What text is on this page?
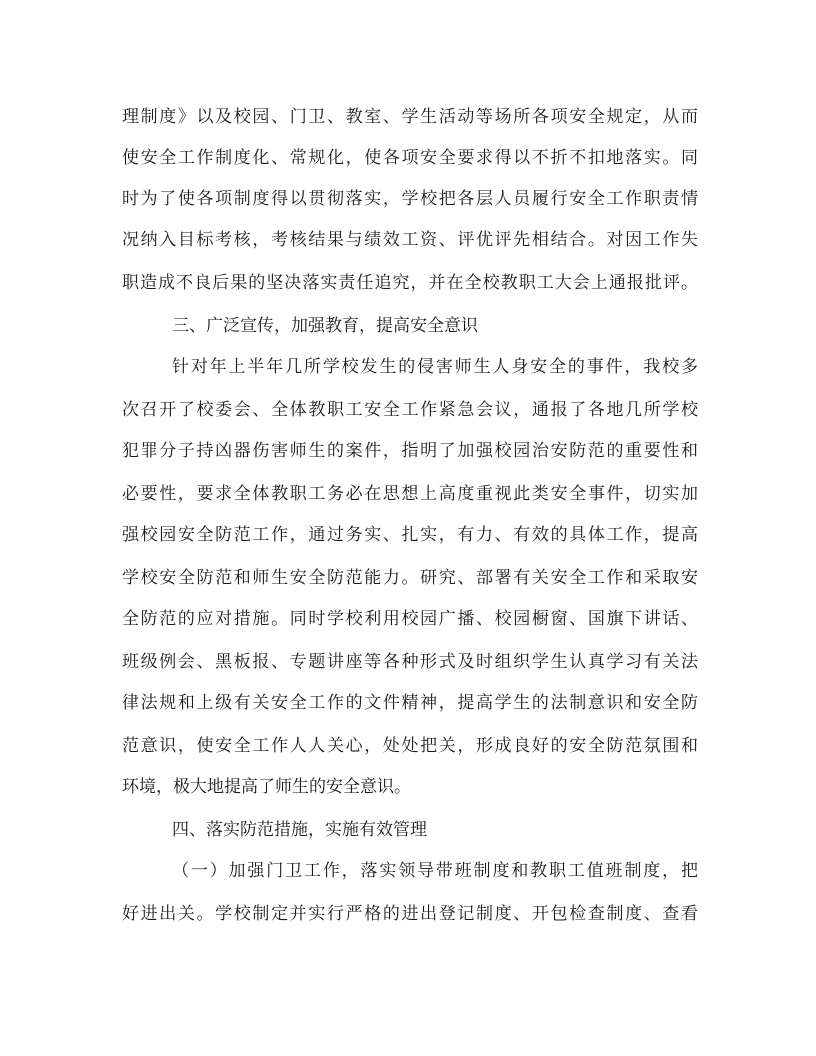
理制度》以及校园、门卫、教室、学生活动等场所各项安全规定，从而
使安全工作制度化、常规化，使各项安全要求得以不折不扣地落实。同
时为了使各项制度得以贯彻落实，学校把各层人员履行安全工作职责情
况纳入目标考核，考核结果与绩效工资、评优评先相结合。对因工作失
职造成不良后果的坚决落实责任追究，并在全校教职工大会上通报批评。
三、广泛宣传，加强教育，提高安全意识
针对年上半年几所学校发生的侵害师生人身安全的事件，我校多
次召开了校委会、全体教职工安全工作紧急会议，通报了各地几所学校
犯罪分子持凶器伤害师生的案件，指明了加强校园治安防范的重要性和
必要性，要求全体教职工务必在思想上高度重视此类安全事件，切实加
强校园安全防范工作，通过务实、扎实，有力、有效的具体工作，提高
学校安全防范和师生安全防范能力。研究、部署有关安全工作和采取安
全防范的应对措施。同时学校利用校园广播、校园橱窗、国旗下讲话、
班级例会、黑板报、专题讲座等各种形式及时组织学生认真学习有关法
律法规和上级有关安全工作的文件精神，提高学生的法制意识和安全防
范意识，使安全工作人人关心，处处把关，形成良好的安全防范氛围和
环境，极大地提高了师生的安全意识。
四、落实防范措施，实施有效管理
（一）加强门卫工作，落实领导带班制度和教职工值班制度，把
好进出关。学校制定并实行严格的进出登记制度、开包检查制度、查看
